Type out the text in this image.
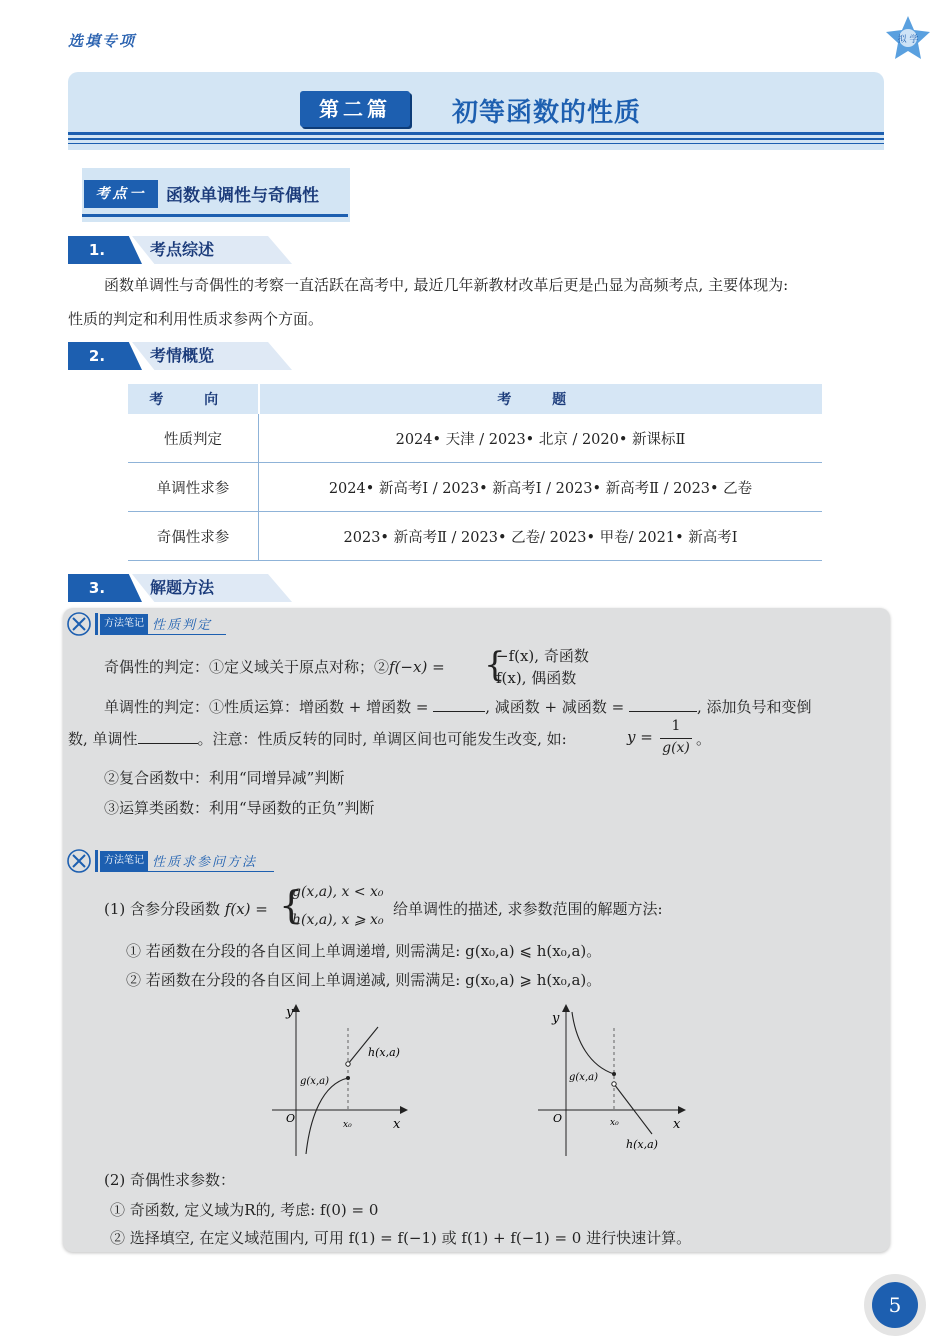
选填专项	拟 学
第二篇	初等函数的性质
考点一	函数单调性与奇偶性
1.	考点综述
函数单调性与奇偶性的考察一直活跃在高考中, 最近几年新教材改革后更是凸显为高频考点, 主要体现为:
性质的判定和利用性质求参两个方面。
2.	考情概览
考 向	考 题
性质判定	2024• 天津 / 2023• 北京 / 2020• 新课标Ⅱ
单调性求参	2024• 新高考Ⅰ / 2023• 新高考Ⅰ / 2023• 新高考Ⅱ / 2023• 乙卷
奇偶性求参	2023• 新高考Ⅱ / 2023• 乙卷/ 2023• 甲卷/ 2021• 新高考Ⅰ
3.	解题方法
方法笔记 性质判定
奇偶性的判定：①定义域关于原点对称；②f(−x) = {
−f(x), 奇函数
f(x), 偶函数
单调性的判定：①性质运算：增函数 + 增函数 =	, 减函数 + 减函数 =	, 添加负号和变倒
数, 单调性	。注意：性质反转的同时, 单调区间也可能发生改变, 如:	y =
1
g(x) 。
②复合函数中：利用“同增异减”判断
③运算类函数：利用“导函数的正负”判断
方法笔记 性质求参问方法
(1) 含参分段函数 f(x) = {
g(x,a), x < x₀
h(x,a), x ⩾ x₀
给单调性的描述, 求参数范围的解题方法:
① 若函数在分段的各自区间上单调递增, 则需满足: g(x₀,a) ⩽ h(x₀,a)。
② 若函数在分段的各自区间上单调递减, 则需满足: g(x₀,a) ⩾ h(x₀,a)。
y
x
O	x₀
g(x,a)
h(x,a)
y
x
O	x₀
g(x,a)
h(x,a)
(2) 奇偶性求参数：
① 奇函数, 定义域为R的, 考虑: f(0) = 0
② 选择填空, 在定义域范围内, 可用 f(1) = f(−1) 或 f(1) + f(−1) = 0 进行快速计算。
5
